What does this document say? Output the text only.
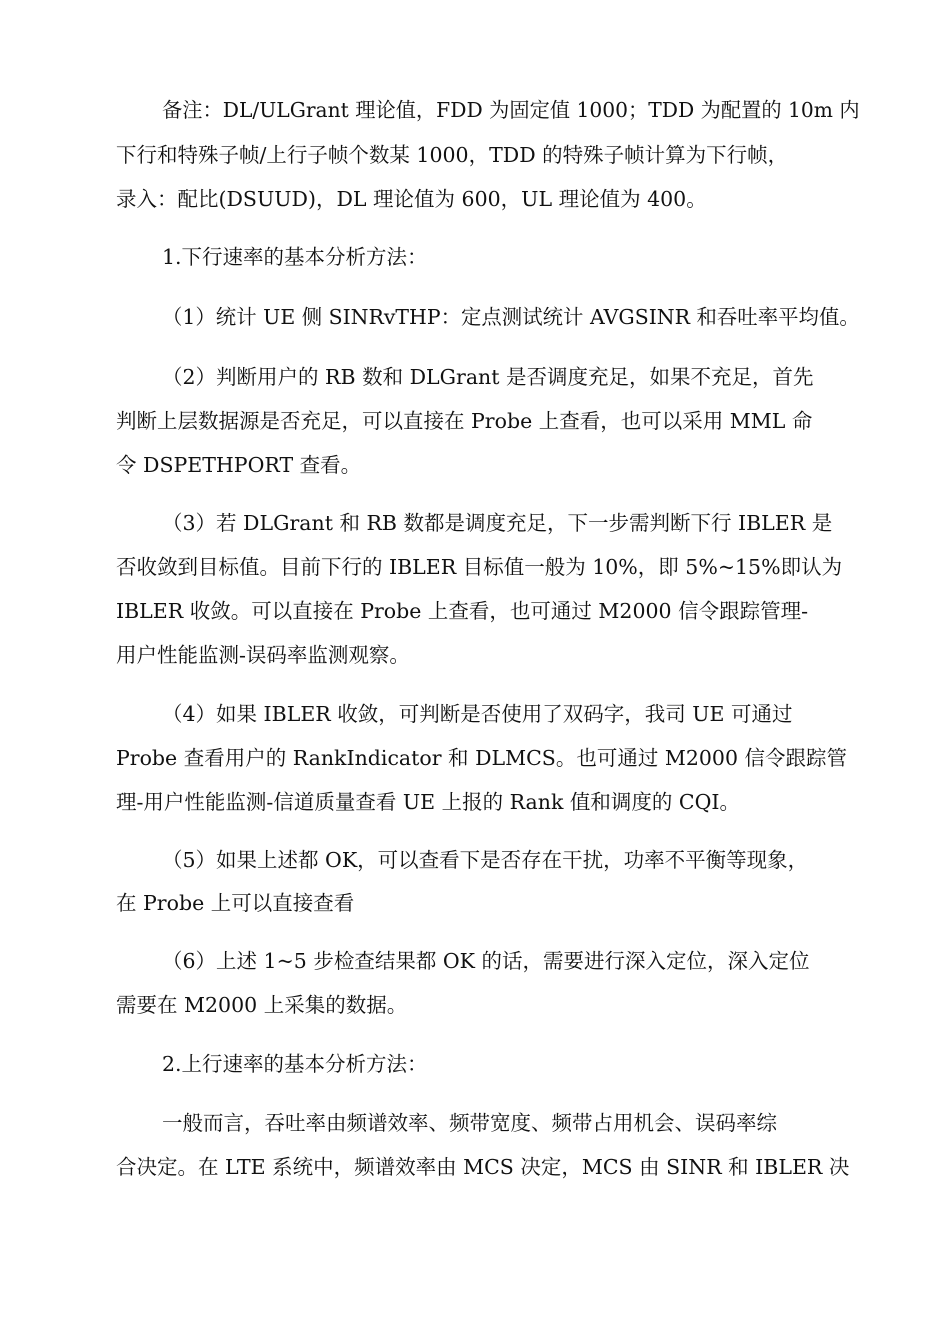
备注：DL/ULGrant 理论值，FDD 为固定值 1000；TDD 为配置的 10m 内
下行和特殊子帧/上行子帧个数某 1000，TDD 的特殊子帧计算为下行帧，
录入：配比(DSUUD)，DL 理论值为 600，UL 理论值为 400。
1.下行速率的基本分析方法：
（1）统计 UE 侧 SINRvTHP：定点测试统计 AVGSINR 和吞吐率平均值。
（2）判断用户的 RB 数和 DLGrant 是否调度充足，如果不充足，首先
判断上层数据源是否充足，可以直接在 Probe 上查看，也可以采用 MML 命
令 DSPETHPORT 查看。
（3）若 DLGrant 和 RB 数都是调度充足，下一步需判断下行 IBLER 是
否收敛到目标值。目前下行的 IBLER 目标值一般为 10%，即 5%~15%即认为
IBLER 收敛。可以直接在 Probe 上查看，也可通过 M2000 信令跟踪管理-
用户性能监测-误码率监测观察。
（4）如果 IBLER 收敛，可判断是否使用了双码字，我司 UE 可通过
Probe 查看用户的 RankIndicator 和 DLMCS。也可通过 M2000 信令跟踪管
理-用户性能监测-信道质量查看 UE 上报的 Rank 值和调度的 CQI。
（5）如果上述都 OK，可以查看下是否存在干扰，功率不平衡等现象，
在 Probe 上可以直接查看
（6）上述 1~5 步检查结果都 OK 的话，需要进行深入定位，深入定位
需要在 M2000 上采集的数据。
2.上行速率的基本分析方法：
一般而言，吞吐率由频谱效率、频带宽度、频带占用机会、误码率综
合决定。在 LTE 系统中，频谱效率由 MCS 决定，MCS 由 SINR 和 IBLER 决
